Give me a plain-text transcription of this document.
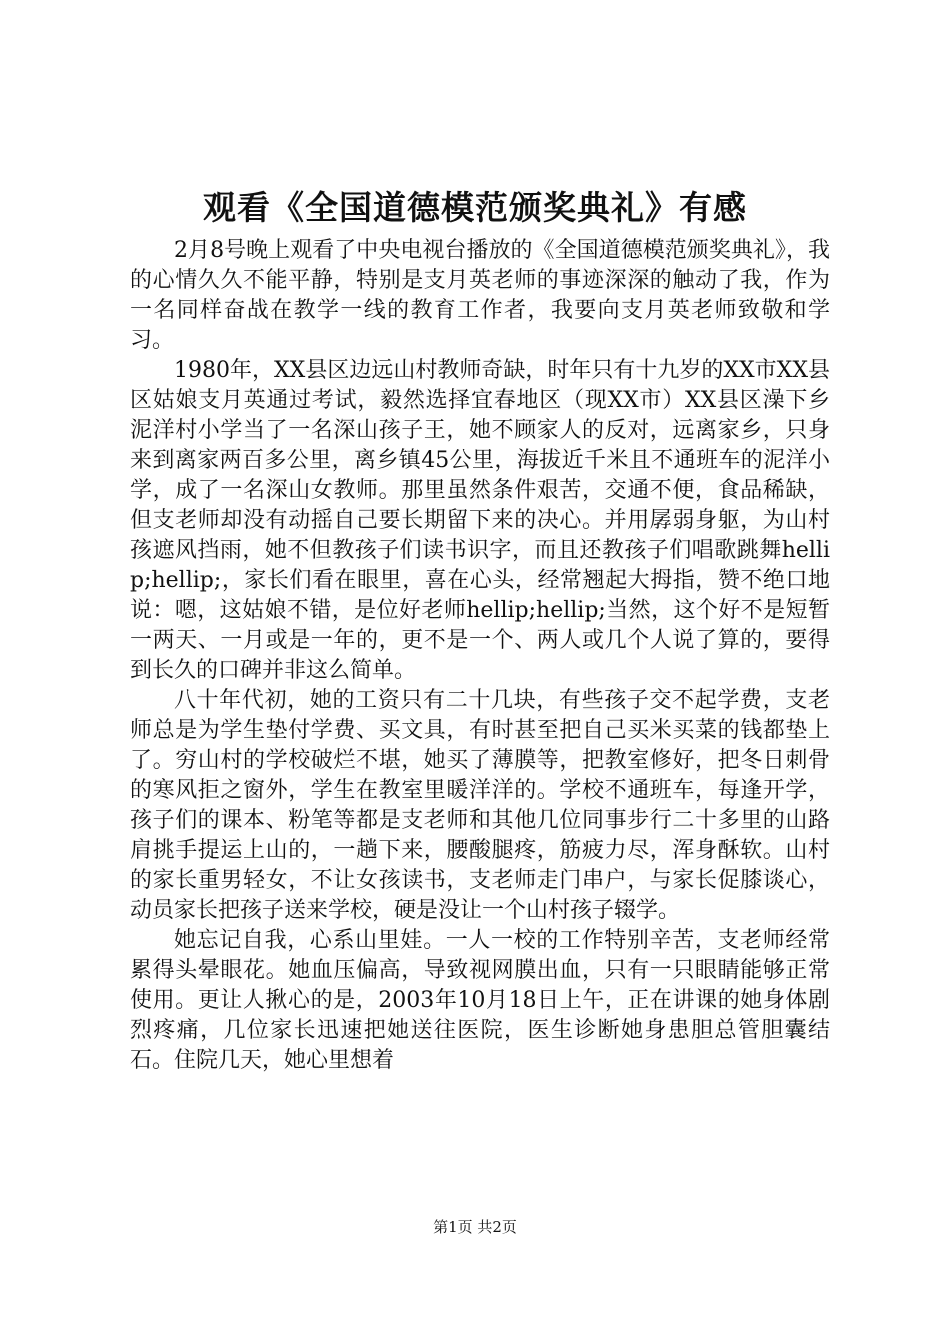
观看《全国道德模范颁奖典礼》有感

2月8号晚上观看了中央电视台播放的《全国道德模范颁奖典礼》，我的心情久久不能平静，特别是支月英老师的事迹深深的触动了我，作为一名同样奋战在教学一线的教育工作者，我要向支月英老师致敬和学习。

1980年，XX县区边远山村教师奇缺，时年只有十九岁的XX市XX县区姑娘支月英通过考试，毅然选择宜春地区（现XX市）XX县区澡下乡泥洋村小学当了一名深山孩子王，她不顾家人的反对，远离家乡，只身来到离家两百多公里，离乡镇45公里，海拔近千米且不通班车的泥洋小学，成了一名深山女教师。那里虽然条件艰苦，交通不便，食品稀缺，但支老师却没有动摇自己要长期留下来的决心。并用孱弱身躯，为山村孩遮风挡雨，她不但教孩子们读书识字，而且还教孩子们唱歌跳舞hellip;hellip;，家长们看在眼里，喜在心头，经常翘起大拇指，赞不绝口地说：嗯，这姑娘不错，是位好老师hellip;hellip;当然，这个好不是短暂一两天、一月或是一年的，更不是一个、两人或几个人说了算的，要得到长久的口碑并非这么简单。

八十年代初，她的工资只有二十几块，有些孩子交不起学费，支老师总是为学生垫付学费、买文具，有时甚至把自己买米买菜的钱都垫上了。穷山村的学校破烂不堪，她买了薄膜等，把教室修好，把冬日刺骨的寒风拒之窗外，学生在教室里暖洋洋的。学校不通班车，每逢开学，孩子们的课本、粉笔等都是支老师和其他几位同事步行二十多里的山路肩挑手提运上山的，一趟下来，腰酸腿疼，筋疲力尽，浑身酥软。山村的家长重男轻女，不让女孩读书，支老师走门串户，与家长促膝谈心，动员家长把孩子送来学校，硬是没让一个山村孩子辍学。

她忘记自我，心系山里娃。一人一校的工作特别辛苦，支老师经常累得头晕眼花。她血压偏高，导致视网膜出血，只有一只眼睛能够正常使用。更让人揪心的是，2003年10月18日上午，正在讲课的她身体剧烈疼痛，几位家长迅速把她送往医院，医生诊断她身患胆总管胆囊结石。住院几天，她心里想着

第1页 共2页
